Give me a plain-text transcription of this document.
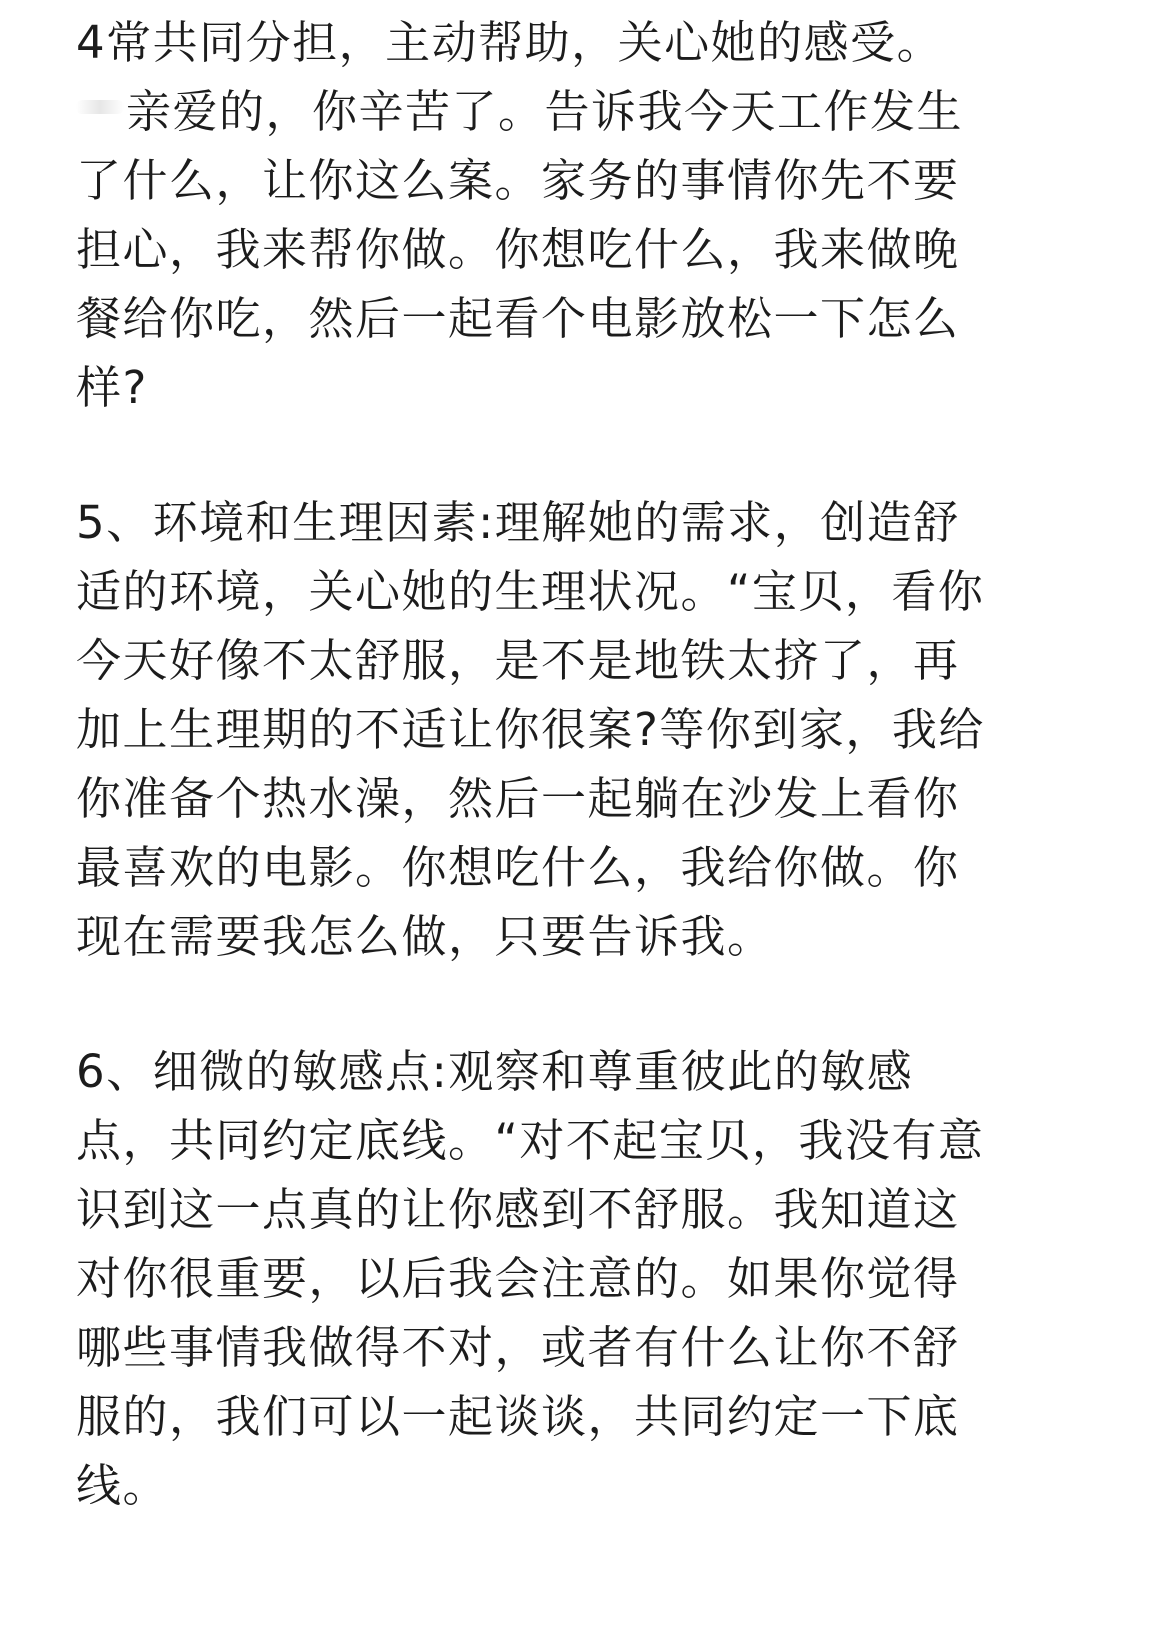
4常共同分担，主动帮助，关心她的感受。
亲爱的，你辛苦了。告诉我今天工作发生
了什么，让你这么案。家务的事情你先不要
担心，我来帮你做。你想吃什么，我来做晚
餐给你吃，然后一起看个电影放松一下怎么
样?
5、环境和生理因素:理解她的需求，创造舒
适的环境，关心她的生理状况。“宝贝，看你
今天好像不太舒服，是不是地铁太挤了，再
加上生理期的不适让你很案?等你到家，我给
你准备个热水澡，然后一起躺在沙发上看你
最喜欢的电影。你想吃什么，我给你做。你
现在需要我怎么做，只要告诉我。
6、细微的敏感点:观察和尊重彼此的敏感
点，共同约定底线。“对不起宝贝，我没有意
识到这一点真的让你感到不舒服。我知道这
对你很重要，以后我会注意的。如果你觉得
哪些事情我做得不对，或者有什么让你不舒
服的，我们可以一起谈谈，共同约定一下底
线。
